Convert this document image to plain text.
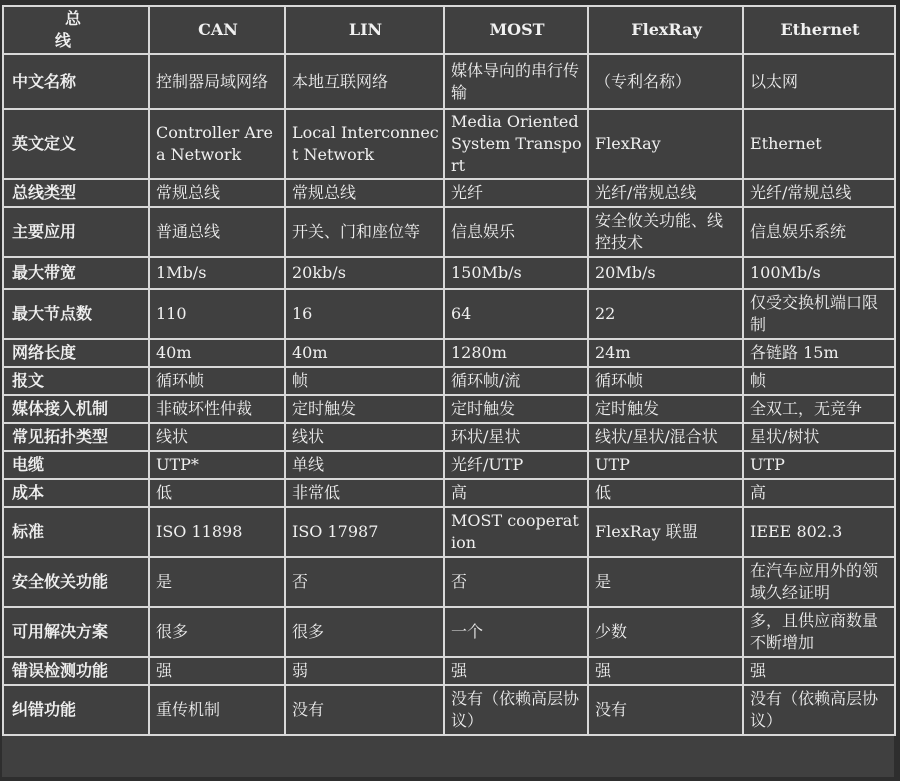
总 线	CAN	LIN	MOST	FlexRay	Ethernet
中文名称	控制器局域网络	本地互联网络	媒体导向的串行传输	（专利名称）	以太网
英文定义	Controller Area Network	Local Interconnect Network	Media Oriented System Transport	FlexRay	Ethernet
总线类型	常规总线	常规总线	光纤	光纤/常规总线	光纤/常规总线
主要应用	普通总线	开关、门和座位等	信息娱乐	安全攸关功能、线控技术	信息娱乐系统
最大带宽	1Mb/s	20kb/s	150Mb/s	20Mb/s	100Mb/s
最大节点数	110	16	64	22	仅受交换机端口限制
网络长度	40m	40m	1280m	24m	各链路 15m
报文	循环帧	帧	循环帧/流	循环帧	帧
媒体接入机制	非破坏性仲裁	定时触发	定时触发	定时触发	全双工，无竞争
常见拓扑类型	线状	线状	环状/星状	线状/星状/混合状	星状/树状
电缆	UTP*	单线	光纤/UTP	UTP	UTP
成本	低	非常低	高	低	高
标准	ISO 11898	ISO 17987	MOST cooperation	FlexRay 联盟	IEEE 802.3
安全攸关功能	是	否	否	是	在汽车应用外的领域久经证明
可用解决方案	很多	很多	一个	少数	多，且供应商数量不断增加
错误检测功能	强	弱	强	强	强
纠错功能	重传机制	没有	没有（依赖高层协议）	没有	没有（依赖高层协议）
